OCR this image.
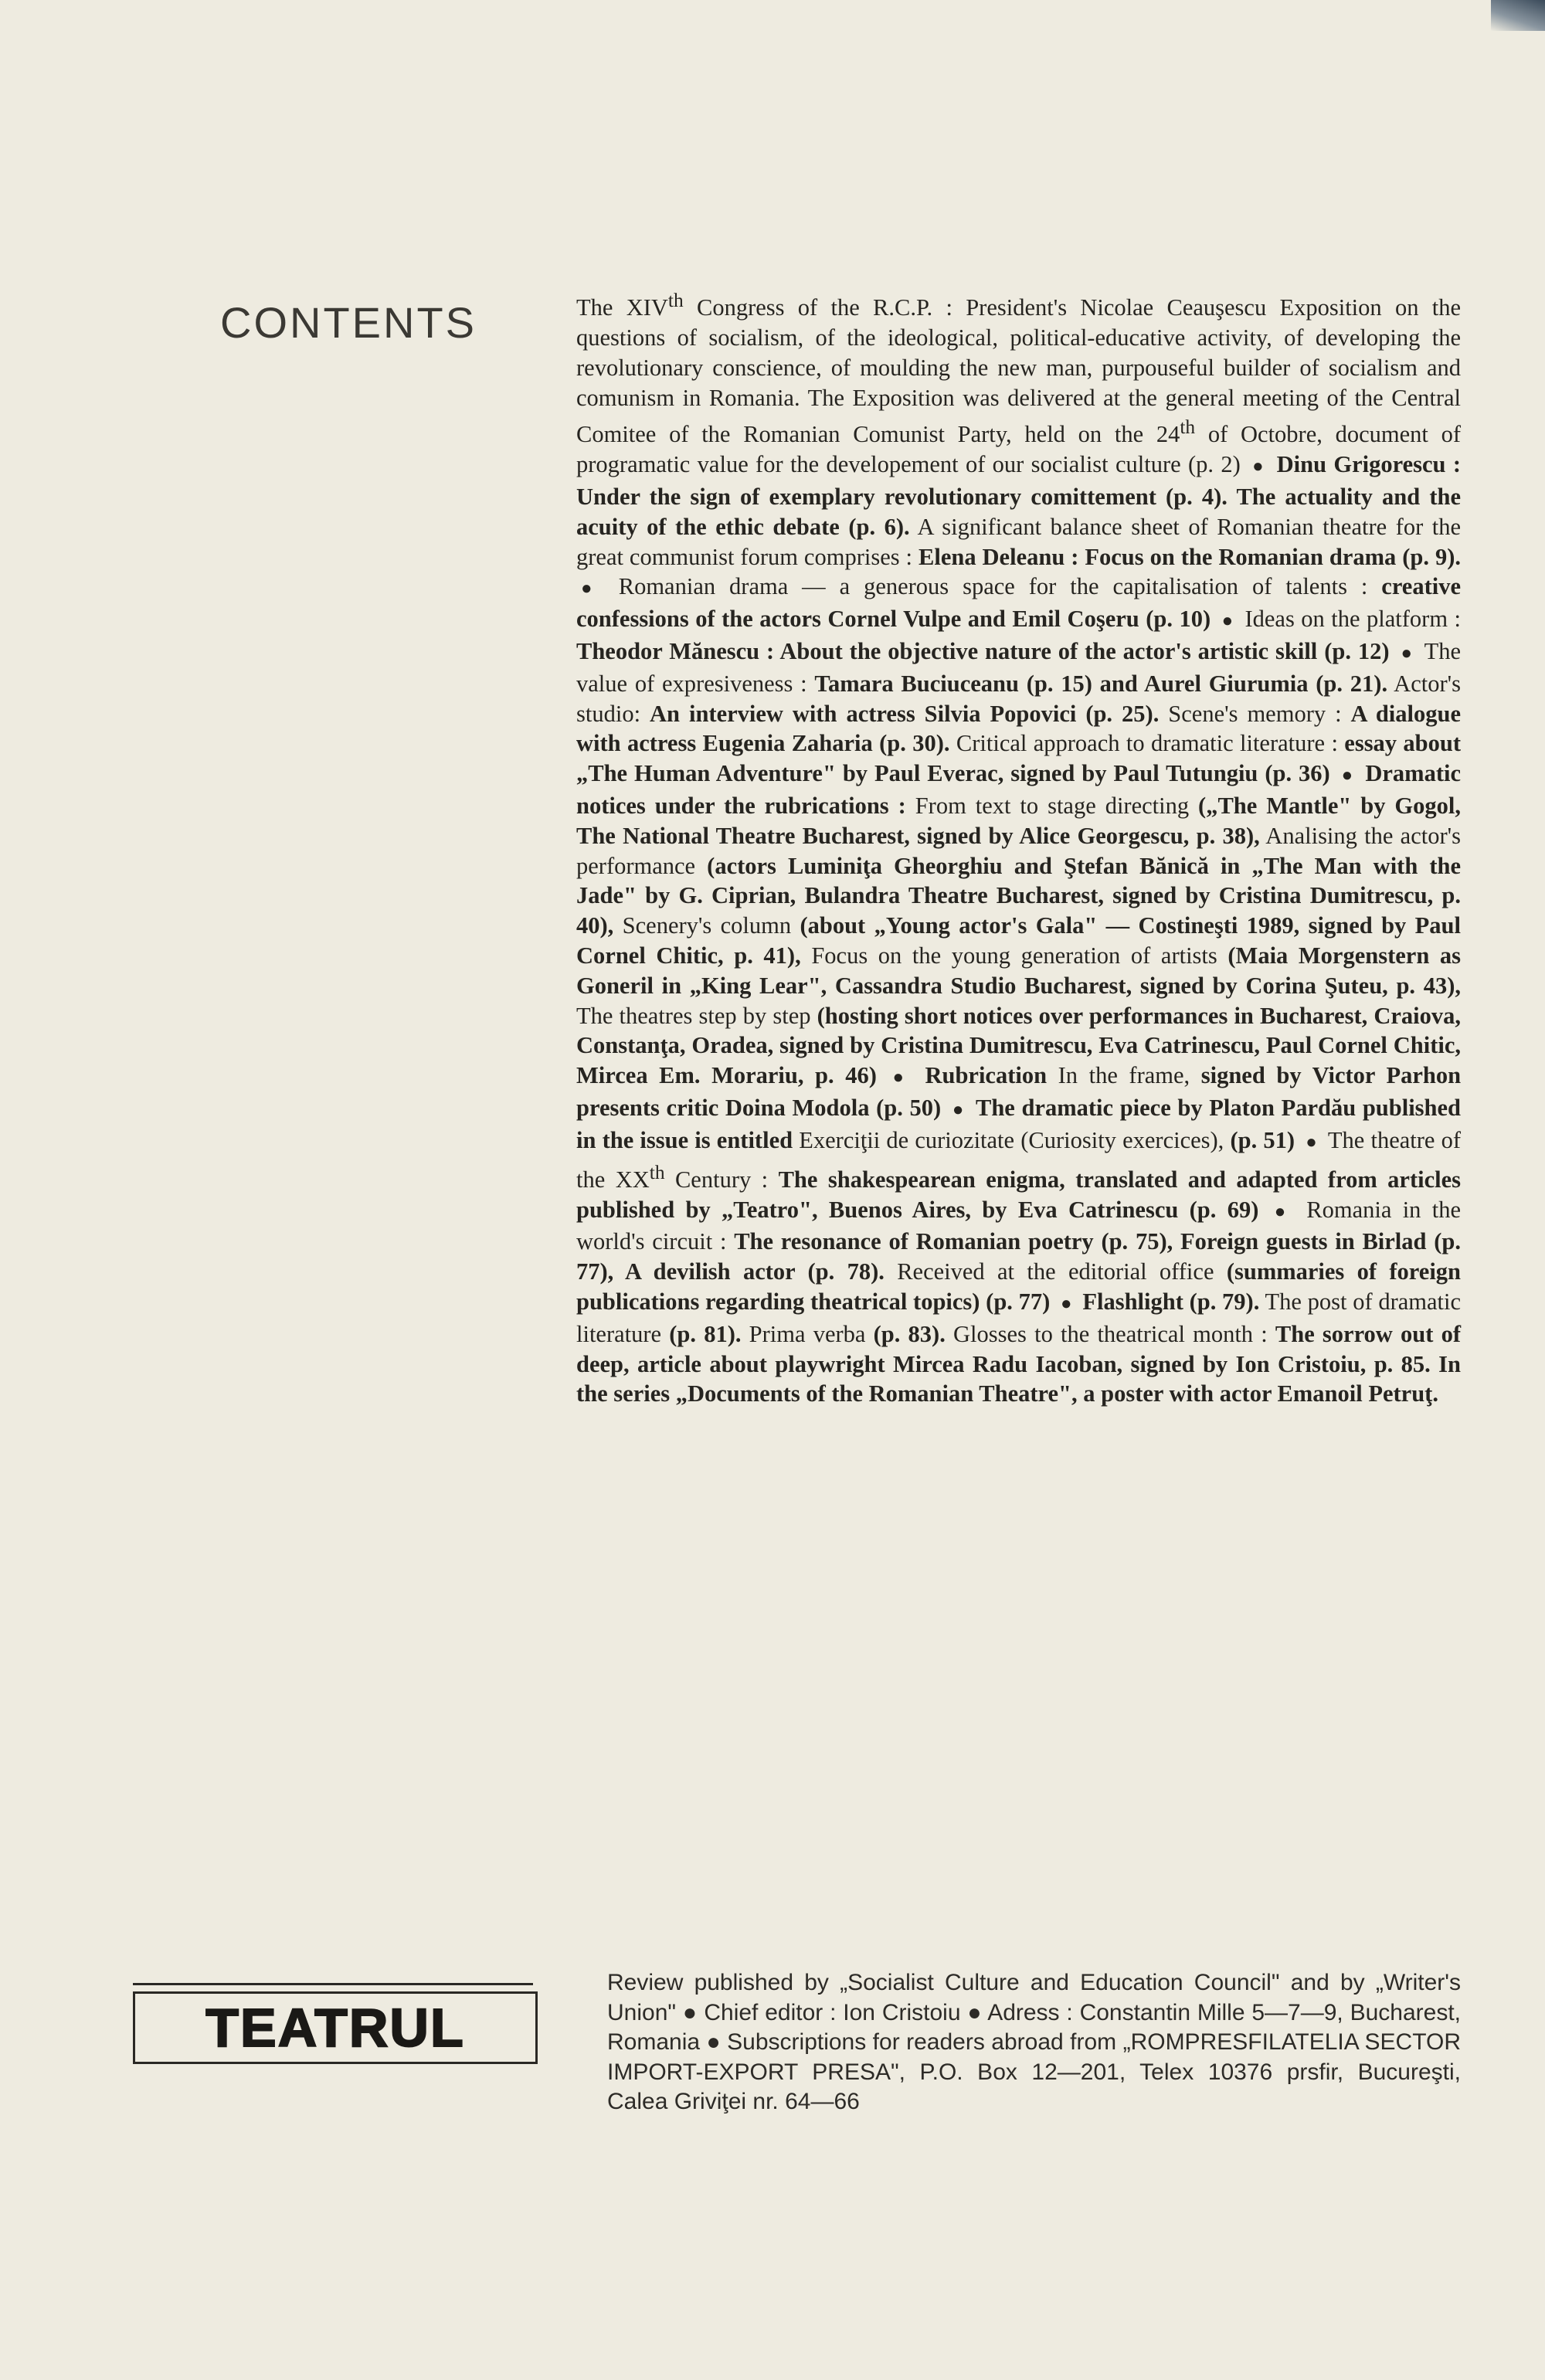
CONTENTS	The XIVth Congress of the R.C.P. : President's Nicolae Ceauşescu Exposition on the questions of socialism, of the ideological, political-educative activity, of developing the revolutionary conscience, of moulding the new man, purpouseful builder of socialism and comunism in Romania. The Exposition was delivered at the general meeting of the Central Comitee of the Romanian Comunist Party, held on the 24th of Octobre, document of programatic value for the developement of our socialist culture (p. 2) ● Dinu Grigorescu : Under the sign of exemplary revolutionary comittement (p. 4). The actuality and the acuity of the ethic debate (p. 6). A significant balance sheet of Romanian theatre for the great communist forum comprises : Elena Deleanu : Focus on the Romanian drama (p. 9). ● Romanian drama — a generous space for the capitalisation of talents : creative confessions of the actors Cornel Vulpe and Emil Coşeru (p. 10) ● Ideas on the platform : Theodor Mănescu : About the objective nature of the actor's artistic skill (p. 12) ● The value of expresiveness : Tamara Buciuceanu (p. 15) and Aurel Giurumia (p. 21). Actor's studio: An interview with actress Silvia Popovici (p. 25). Scene's memory : A dialogue with actress Eugenia Zaharia (p. 30). Critical approach to dramatic literature : essay about „The Human Adventure" by Paul Everac, signed by Paul Tutungiu (p. 36) ● Dramatic notices under the rubrications : From text to stage directing („The Mantle" by Gogol, The National Theatre Bucharest, signed by Alice Georgescu, p. 38), Analising the actor's performance (actors Luminiţa Gheorghiu and Ştefan Bănică in „The Man with the Jade" by G. Ciprian, Bulandra Theatre Bucharest, signed by Cristina Dumitrescu, p. 40), Scenery's column (about „Young actor's Gala" — Costineşti 1989, signed by Paul Cornel Chitic, p. 41), Focus on the young generation of artists (Maia Morgenstern as Goneril in „King Lear", Cassandra Studio Bucharest, signed by Corina Şuteu, p. 43), The theatres step by step (hosting short notices over performances in Bucharest, Craiova, Constanţa, Oradea, signed by Cristina Dumitrescu, Eva Catrinescu, Paul Cornel Chitic, Mircea Em. Morariu, p. 46) ● Rubrication In the frame, signed by Victor Parhon presents critic Doina Modola (p. 50) ● The dramatic piece by Platon Pardău published in the issue is entitled Exerciţii de curiozitate (Curiosity exercices), (p. 51) ● The theatre of the XXth Century : The shakespearean enigma, translated and adapted from articles published by „Teatro", Buenos Aires, by Eva Catrinescu (p. 69) ● Romania in the world's circuit : The resonance of Romanian poetry (p. 75), Foreign guests in Birlad (p. 77), A devilish actor (p. 78). Received at the editorial office (summaries of foreign publications regarding theatrical topics) (p. 77) ● Flashlight (p. 79). The post of dramatic literature (p. 81). Prima verba (p. 83). Glosses to the theatrical month : The sorrow out of deep, article about playwright Mircea Radu Iacoban, signed by Ion Cristoiu, p. 85. In the series „Documents of the Romanian Theatre", a poster with actor Emanoil Petruţ.
TEATRUL
Review published by „Socialist Culture and Education Council" and by „Writer's Union" ● Chief editor : Ion Cristoiu ● Adress : Constantin Mille 5—7—9, Bucharest, Romania ● Subscriptions for readers abroad from „ROMPRESFILATELIA SECTOR IMPORT-EXPORT PRESA", P.O. Box 12—201, Telex 10376 prsfir, Bucureşti, Calea Griviţei nr. 64—66
